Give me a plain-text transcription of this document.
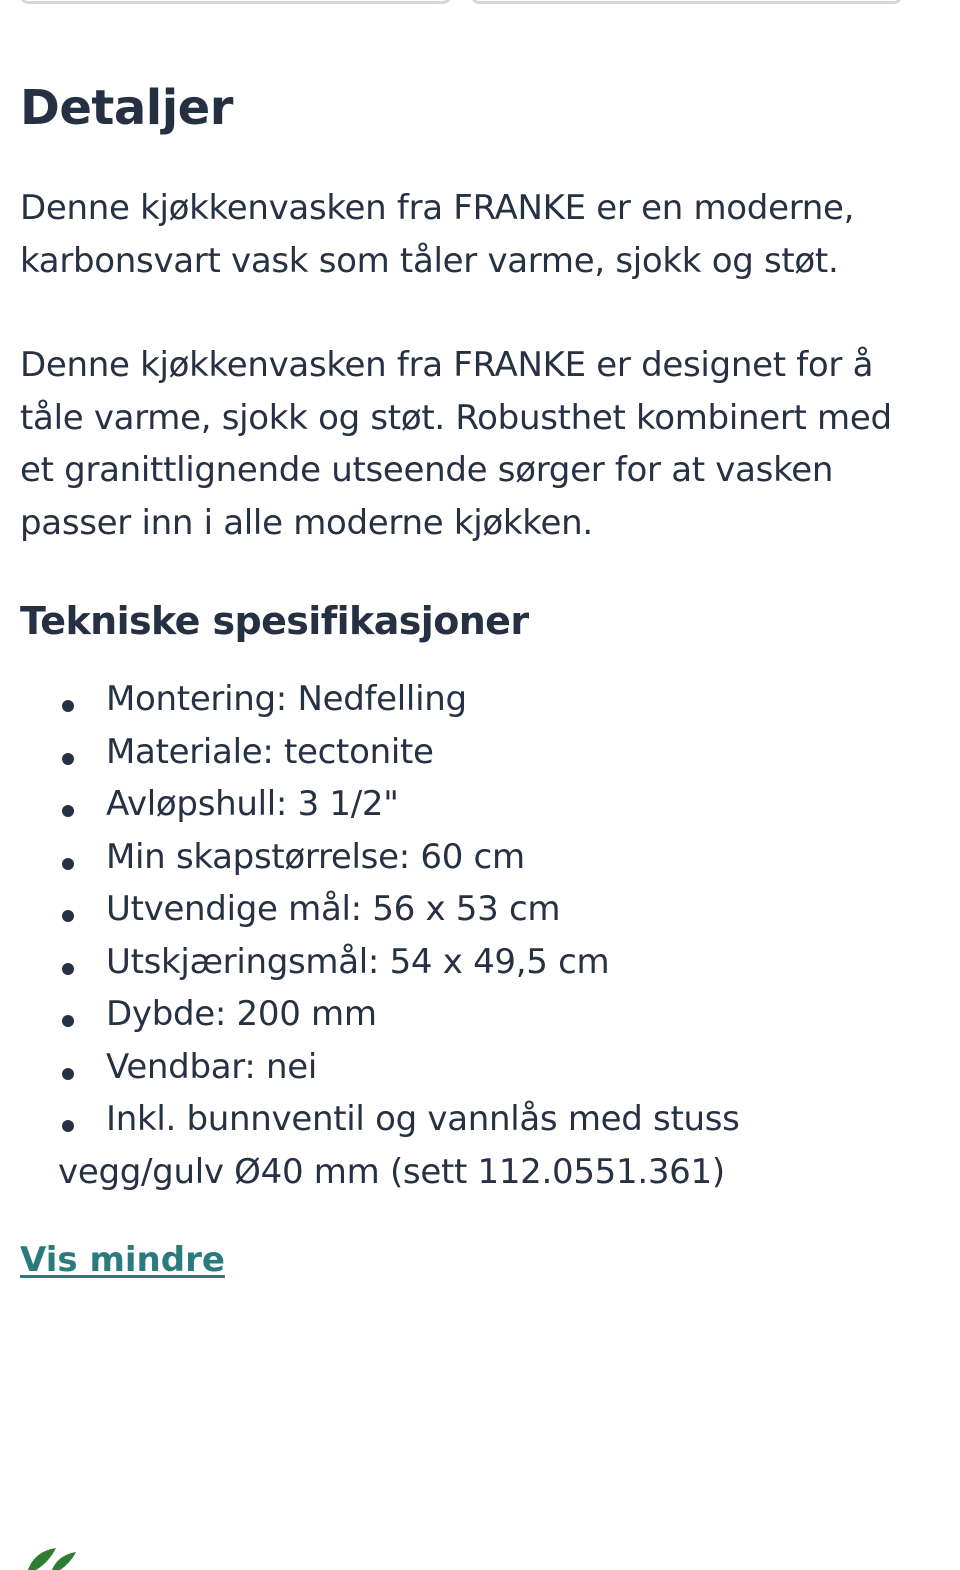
Detaljer

Denne kjøkkenvasken fra FRANKE er en moderne, karbonsvart vask som tåler varme, sjokk og støt.

Denne kjøkkenvasken fra FRANKE er designet for å tåle varme, sjokk og støt. Robusthet kombinert med et granittlignende utseende sørger for at vasken passer inn i alle moderne kjøkken.

Tekniske spesifikasjoner
Montering: Nedfelling
Materiale: tectonite
Avløpshull: 3 1/2"
Min skapstørrelse: 60 cm
Utvendige mål: 56 x 53 cm
Utskjæringsmål: 54 x 49,5 cm
Dybde: 200 mm
Vendbar: nei
Inkl. bunnventil og vannlås med stuss vegg/gulv Ø40 mm (sett 112.0551.361)
Vis mindre
